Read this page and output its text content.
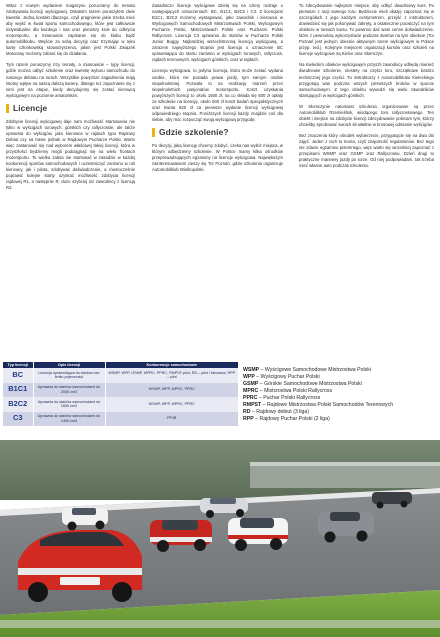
Witaz z nowym wydaniem magazynu poruczamy do tematu zdobywania licencji wyścigowej. Ostatnim razem poruszyłem dwie kwestie. Jedną kontakt dlaczego, czyli pragnienie jakie trzeba mieć aby wejść w świat sportu samochodowego, które jest całkowicie indywidualne dla każdego i nas oraz pierwszy krok do odkrycia motorsportu, a mianowicie zapisanie się do klubu bądź automobilklubu. Wejście za sobą decyzję oraz trzymając w ręku kartę członkowską stowarzyszenia, jakim jest Polski Związek Motorowy możemy zabrać się do działania.

Tym razem poruszymy trzy tematy, a mianowicie – typy licencji, gdzie można odbyć szkolenie oraz kwestię wyboru samochodu do naszego debiutu na torach. Wszystkie powyższe zagadnienia mają istotny wpływ na naszą dalszą karierę, dlatego też zapoznanie się z nimi jest na etapie, kiedy decydujemy się zostać kierowcą wyścigowym na poziomie amatorskim.

Licencje

Zdobycie licencji wyścigowej daje nam możliwość startowania nie tylko w wyścigach torowych, górskich czy rallycrossie, ale także uprawnia do wyścigów, jako kierowca w rajdach typu Rajdowy Debiut czy na trasie jednak w Rajdowym Pucharze Polski. Warto więc zastanowić się nad wyborem właściwej takiej licencji, która w przyszłości będziemy mogli podciągnąć się na wielu frontach motorsportu. To wielka zaleta nie startować w zasadzie w każdej konkurencji sportów samochodowych i uczestniczyć zarówno w roli kierowcy, jak i pilota, zdobywać doświadczenie, a równocześnie poprawić kolejne starty uzyskać możliwość zdobycia licencji rajdowej R1, a następnie R, dużo szybciej niż zawodnicy z licencją R2.

Zasadniczo licencje wyścigowe dzielą się na cztery rodzaje o następujących oznaczeniach: BC, B1C1, B2C2 i C3. Z licencjami B1C1, B2C2 możemy wystąpować, jako zawodnik i kierowca w Wyścigowych Samochodowych Mistrzostwach Polski, Wyścigowym Pucharze Polski, Mistrzostwach Polski oraz Pucharze Polski Rallycross. Licencja C3 uprawnia do startów w Pucharze Polski Junior Buggy. Najbardziej wszechstronną licencją wyścigową, a zarazem najwyższego stopnia jest licencja o oznaczenie BC uprawniająca do startu zarówno w wyścigach torowych, rallycross, rajdach terenowych, wyścigach górskich, oraz w rajdach.

Licencja wyścigowa, to jedyna licencja, która może zostać wydana osobie, która nie posiada prawa jazdy, tym samym osobie niepełnoletniej. Pozwala to na realizację marzeń przez niepełnoletnich pasjonatów motorsportu. Koszt uzyskania powyższych licencji to około 1500 zł, na co składa się 500 zł opłaty za szkolenie na licencję, około 500 zł koszt badań specjalistycznych oraz kwota 520 zł za pierwsze wydanie licencji wyścigowej odpowiedniego stopnia. Poniższych licencji każdy znajdzie coś dla siebie, aby móc rozpocząć swoją wyścigową przygodę.

Gdzie szkolenie?

Po decyzji, jaką licencję chcemy zdobyć, czeka nas wybór miejsca, w którym odbędziemy szkolenie. W Polsce mamy kilka ośrodków przeprowadzających egzaminy na licencje wyścigowa. Największym zainteresowaniem cieszy się Tor Poznań, gdzie szkolenia organizuje Automobilklub Wielkopolski.

To zdecydowanie najlepsze miejsce, aby odbyć dwudniowy kurs. Po pierwsze z racji samego toru. Będziecie mieli okazję zapoznać się w szczegółach z jego każdym centymetrem, przejść z instruktorem, dowiedzieć się jak pokonywać zakręty, a ostatecznie pocwiczyć na tym obiekcie w ramach kursu. To powinno dać wam cenne doświadczenie, które z pewnością wykorzystacie podczas startów na tym obiekcie (Tor Poznań jest jednym obecnie aktywnym torem wyścigowym w Polsce przyp. red.). Kolejnym miejscem organizacji kursów oraz szkoleń na licencje wyścigowe są Kielce oraz Słomczyn.

Na Kieleckim obiekcie wyścigowym przyszli zawodnicy odbędą również dwudniowe szkolenie, niestety na części toru, szczątkowe bardzo technicznej jego części. Tu instruktorzy z Automobilklubu Kieleckiego przygotują was podczas wszych pierwszych kroków w sporcie samochodowym. Z tego obiektu wywodzi się wielu zawodników startujących w wyścigach górskich.

W Słomczynie natomiast szkolenia organizowane są przez Automobilklub Rzemieślnik, wiodącego toru rallycrossowego. Ten obiekt i miejsce na zdobycie licencji zdecydowanie polecam tym, którzy chcieliby sprobować swoich sił właśnie w krosowej odmianie wyścigów.

Bez znaczenia który ośrodek wybierzecie, przygotujcie się na dwa dni zajęć. Jeden z nich to teoria, czyli znajomość regulaminów. Bez tego nie zdacie egzaminu pisemnego, więc warto się wcześniej zapoznać z przepisami WSMP oraz GSMP oraz Rallycrossu. Dzień drugi to praktyczne manewry jazdy po torze. Od niej podpowiadam, tak trzeba mieć własne auto podczas szkolenia.

Typ licencji	Opis licencji	Konkurencje samochodowe
BC	Licencja uprawniająca do startów bez limitu pojemności	WSMP, WPP, GSMP, MPRC, PPRC, RMPST-pilot, RD – pilot i kierowca, RPP – pilot
B1C1	Uprawnia do startów samochodami do 2000 cm3	WSMP, WPP, MPRC, PPRC
B2C2	Uprawnia do startów samochodami do 1600 cm3	WSMP, WPP, MPRC, PPRC
C3	Uprawnia do startów samochodami do 1400 cm3	PPJB
WSMP – Wyścigowe Samochodowe Mistrzostwa Polski
WPP – Wyścigowy Puchar Polski
GSMP – Górskie Samochodowe Mistrzostwa Polski
MPRC – Mistrzostwa Polski Rallycross
PPRC – Puchar Polski Rallycross
RMPST – Rajdowe Mistrzostwa Polski Samochodów Terenowych
RD – Rajdowy debiut (3 liga)
RPP – Rajdowy Puchar Polski (2 liga)
